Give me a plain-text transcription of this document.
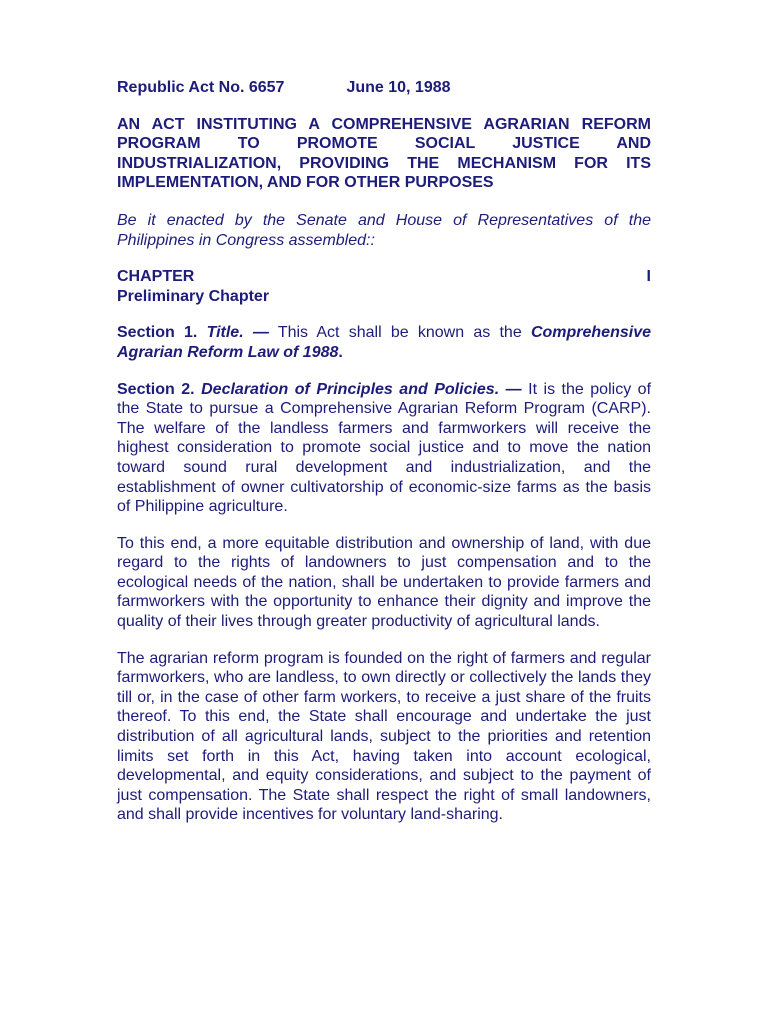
Republic Act No. 6657	June 10, 1988
AN ACT INSTITUTING A COMPREHENSIVE AGRARIAN REFORM PROGRAM TO PROMOTE SOCIAL JUSTICE AND INDUSTRIALIZATION, PROVIDING THE MECHANISM FOR ITS IMPLEMENTATION, AND FOR OTHER PURPOSES
Be it enacted by the Senate and House of Representatives of the Philippines in Congress assembled::
CHAPTER	I
Preliminary Chapter
Section 1. Title. — This Act shall be known as the Comprehensive Agrarian Reform Law of 1988.
Section 2. Declaration of Principles and Policies. — It is the policy of the State to pursue a Comprehensive Agrarian Reform Program (CARP). The welfare of the landless farmers and farmworkers will receive the highest consideration to promote social justice and to move the nation toward sound rural development and industrialization, and the establishment of owner cultivatorship of economic-size farms as the basis of Philippine agriculture.
To this end, a more equitable distribution and ownership of land, with due regard to the rights of landowners to just compensation and to the ecological needs of the nation, shall be undertaken to provide farmers and farmworkers with the opportunity to enhance their dignity and improve the quality of their lives through greater productivity of agricultural lands.
The agrarian reform program is founded on the right of farmers and regular farmworkers, who are landless, to own directly or collectively the lands they till or, in the case of other farm workers, to receive a just share of the fruits thereof. To this end, the State shall encourage and undertake the just distribution of all agricultural lands, subject to the priorities and retention limits set forth in this Act, having taken into account ecological, developmental, and equity considerations, and subject to the payment of just compensation. The State shall respect the right of small landowners, and shall provide incentives for voluntary land-sharing.
